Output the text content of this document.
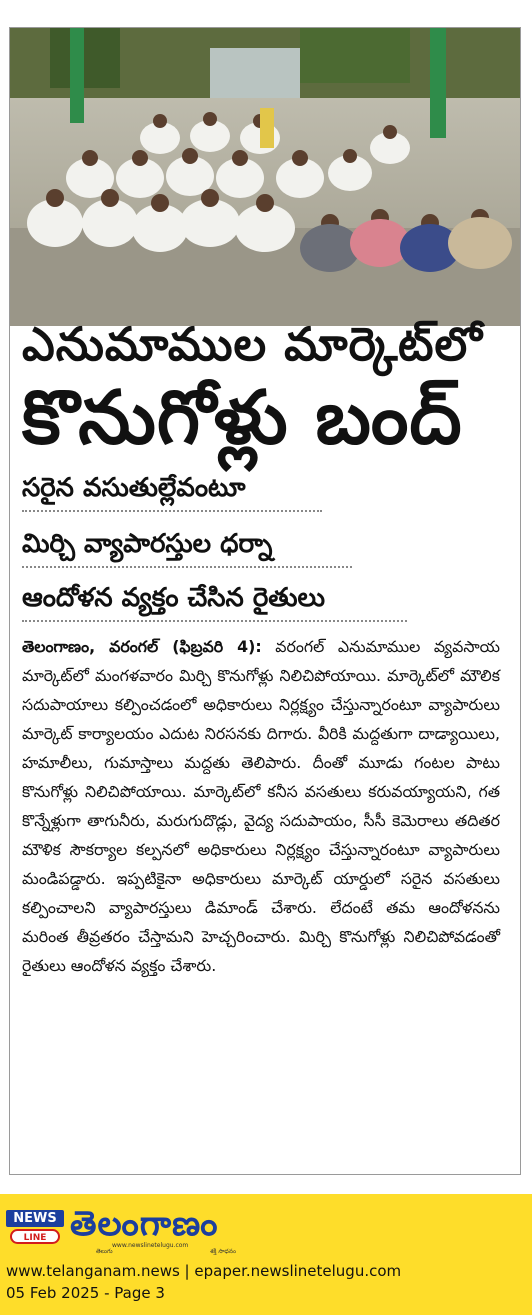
ఎనుమాముల మార్కెట్‌లో
కొనుగోళ్లు బంద్
సరైన వసుతుల్లేవంటూ
మిర్చి వ్యాపారస్తుల ధర్నా
ఆందోళన వ్యక్తం చేసిన రైతులు
తెలంగాణం, వరంగల్ (ఫిబ్రవరి 4): వరంగల్ ఎనుమాముల వ్యవసాయ మార్కెట్‌లో మంగళవారం మిర్చి కొనుగోళ్లు నిలిచిపోయాయి. మార్కెట్‌లో మౌలిక సదుపాయాలు కల్పించడంలో అధికారులు నిర్లక్ష్యం చేస్తున్నారంటూ వ్యాపారులు మార్కెట్ కార్యాలయం ఎదుట నిరసనకు దిగారు. వీరికి మద్దతుగా దాడ్యాయిలు, హమాలీలు, గుమాస్తాలు మద్దతు తెలిపారు. దీంతో మూడు గంటల పాటు కొనుగోళ్లు నిలిచిపోయాయి. మార్కెట్‌లో కనీస వసతులు కరువయ్యాయని, గత కొన్నేళ్లుగా తాగునీరు, మరుగుదొడ్లు, వైద్య సదుపాయం, సీసీ కెమెరాలు తదితర మౌళిక సౌకర్యాల కల్పనలో అధికారులు నిర్లక్ష్యం చేస్తున్నారంటూ వ్యాపారులు మండిపడ్డారు. ఇప్పటికైనా అధికారులు మార్కెట్ యార్డులో సరైన వసతులు కల్పించాలని వ్యాపారస్తులు డిమాండ్ చేశారు. లేదంటే తమ ఆందోళనను మరింత తీవ్రతరం చేస్తామని హెచ్చరించారు. మిర్చి కొనుగోళ్లు నిలిచిపోవడంతో రైతులు ఆందోళన వ్యక్తం చేశారు.
NEWS
LINE తెలంగాణం
తెలుగు
www.newslinetelugu.com
శక్తి సాధనం
www.telanganam.news | epaper.newslinetelugu.com
05 Feb 2025 - Page 3
